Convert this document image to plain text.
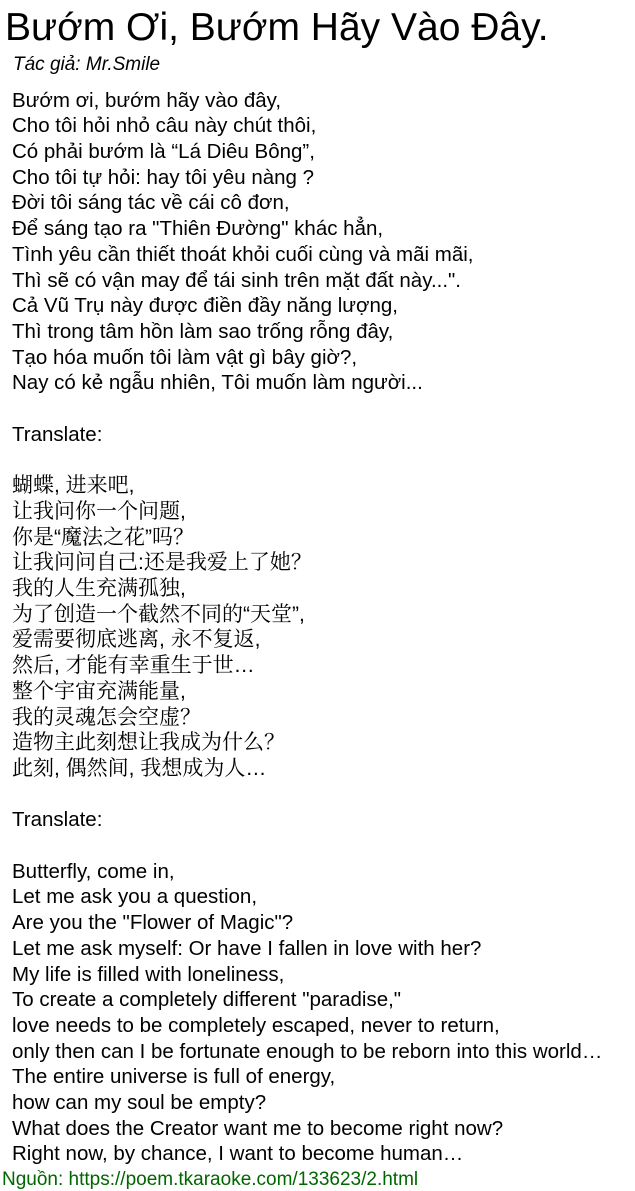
Bướm Ơi, Bướm Hãy Vào Đây.
Tác giả: Mr.Smile
Bướm ơi, bướm hãy vào đây,
Cho tôi hỏi nhỏ câu này chút thôi,
Có phải bướm là “Lá Diêu Bông”,
Cho tôi tự hỏi: hay tôi yêu nàng ?
Đời tôi sáng tác về cái cô đơn,
Để sáng tạo ra "Thiên Đường" khác hẳn,
Tình yêu cần thiết thoát khỏi cuối cùng và mãi mãi,
Thì sẽ có vận may để tái sinh trên mặt đất này...".
Cả Vũ Trụ này được điền đầy năng lượng,
Thì trong tâm hồn làm sao trống rỗng đây,
Tạo hóa muốn tôi làm vật gì bây giờ?,
Nay có kẻ ngẫu nhiên, Tôi muốn làm người...
Translate:
蝴蝶, 进来吧,
让我问你一个问题,
你是“魔法之花”吗？
让我问问自己:还是我爱上了她？
我的人生充满孤独,
为了创造一个截然不同的“天堂”,
爱需要彻底逃离, 永不复返,
然后, 才能有幸重生于世…
整个宇宙充满能量,
我的灵魂怎会空虚？
造物主此刻想让我成为什么？
此刻, 偶然间, 我想成为人…
Translate:
Butterfly, come in,
Let me ask you a question,
Are you the "Flower of Magic"?
Let me ask myself: Or have I fallen in love with her?
My life is filled with loneliness,
To create a completely different "paradise,"
love needs to be completely escaped, never to return,
only then can I be fortunate enough to be reborn into this world…
The entire universe is full of energy,
how can my soul be empty?
What does the Creator want me to become right now?
Right now, by chance, I want to become human…
Nguồn: https://poem.tkaraoke.com/133623/2.html
